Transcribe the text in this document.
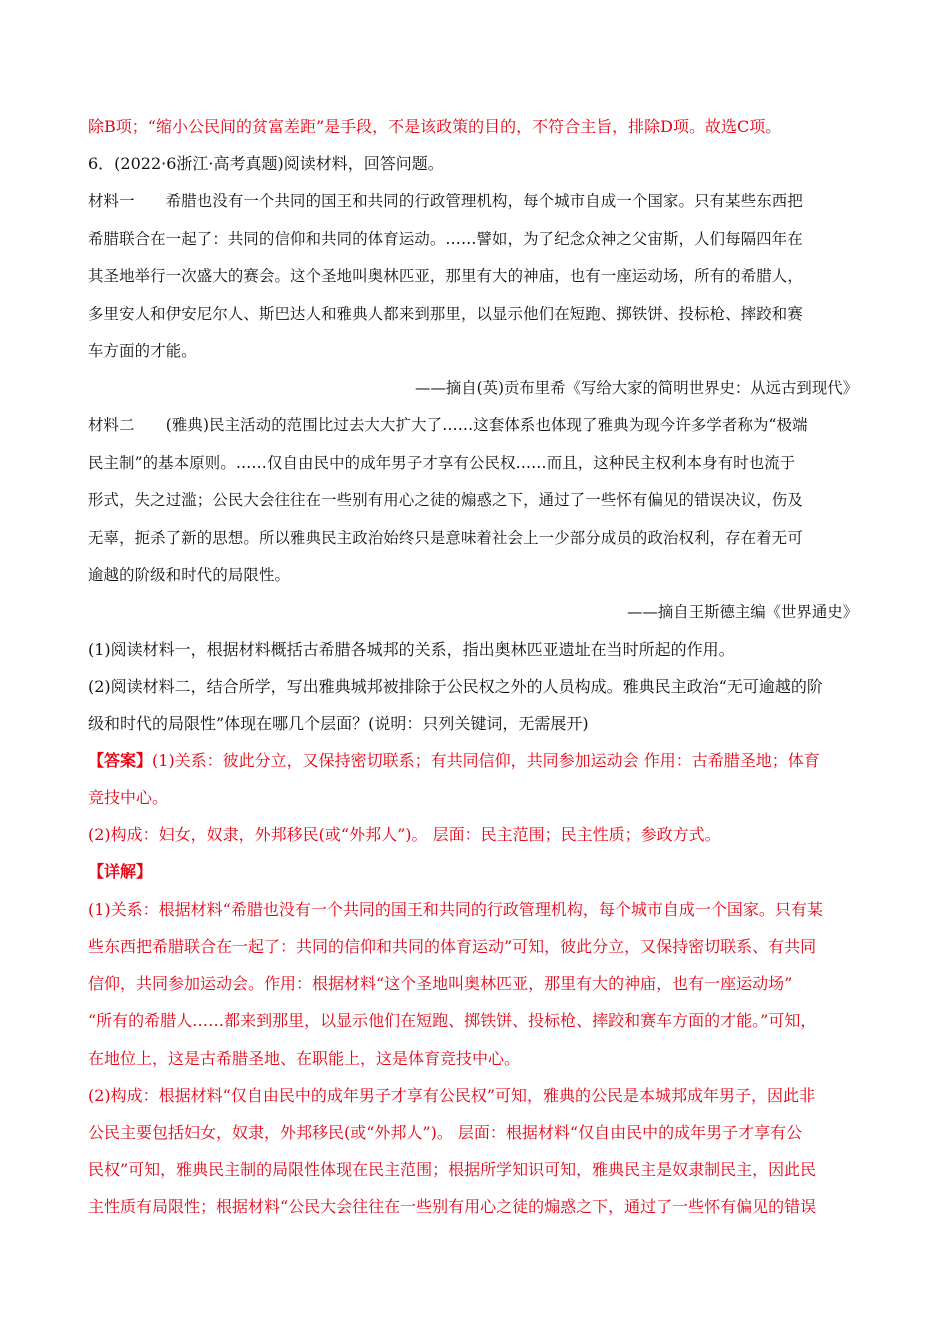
除B项；“缩小公民间的贫富差距”是手段，不是该政策的目的，不符合主旨，排除D项。故选C项。
6．(2022·6浙江·高考真题)阅读材料，回答问题。
材料一　　希腊也没有一个共同的国王和共同的行政管理机构，每个城市自成一个国家。只有某些东西把
希腊联合在一起了：共同的信仰和共同的体育运动。……譬如，为了纪念众神之父宙斯，人们每隔四年在
其圣地举行一次盛大的赛会。这个圣地叫奥林匹亚，那里有大的神庙，也有一座运动场，所有的希腊人，
多里安人和伊安尼尔人、斯巴达人和雅典人都来到那里，以显示他们在短跑、掷铁饼、投标枪、摔跤和赛
车方面的才能。
——摘自(英)贡布里希《写给大家的简明世界史：从远古到现代》
材料二　　(雅典)民主活动的范围比过去大大扩大了……这套体系也体现了雅典为现今许多学者称为“极端
民主制”的基本原则。……仅自由民中的成年男子才享有公民权……而且，这种民主权利本身有时也流于
形式，失之过滥；公民大会往往在一些别有用心之徒的煽惑之下，通过了一些怀有偏见的错误决议，伤及
无辜，扼杀了新的思想。所以雅典民主政治始终只是意味着社会上一少部分成员的政治权利，存在着无可
逾越的阶级和时代的局限性。
——摘自王斯德主编《世界通史》
(1)阅读材料一，根据材料概括古希腊各城邦的关系，指出奥林匹亚遗址在当时所起的作用。
(2)阅读材料二，结合所学，写出雅典城邦被排除于公民权之外的人员构成。雅典民主政治“无可逾越的阶
级和时代的局限性”体现在哪几个层面？(说明：只列关键词，无需展开)
【答案】(1)关系：彼此分立，又保持密切联系；有共同信仰，共同参加运动会 作用：古希腊圣地；体育
竞技中心。
(2)构成：妇女，奴隶，外邦移民(或“外邦人”)。 层面：民主范围；民主性质；参政方式。
【详解】
(1)关系：根据材料“希腊也没有一个共同的国王和共同的行政管理机构，每个城市自成一个国家。只有某
些东西把希腊联合在一起了：共同的信仰和共同的体育运动”可知，彼此分立，又保持密切联系、有共同
信仰，共同参加运动会。作用：根据材料“这个圣地叫奥林匹亚，那里有大的神庙，也有一座运动场”
“所有的希腊人……都来到那里，以显示他们在短跑、掷铁饼、投标枪、摔跤和赛车方面的才能。”可知，
在地位上，这是古希腊圣地、在职能上，这是体育竞技中心。
(2)构成：根据材料“仅自由民中的成年男子才享有公民权”可知，雅典的公民是本城邦成年男子，因此非
公民主要包括妇女，奴隶，外邦移民(或“外邦人”)。 层面：根据材料“仅自由民中的成年男子才享有公
民权”可知，雅典民主制的局限性体现在民主范围；根据所学知识可知，雅典民主是奴隶制民主，因此民
主性质有局限性；根据材料“公民大会往往在一些别有用心之徒的煽惑之下，通过了一些怀有偏见的错误
